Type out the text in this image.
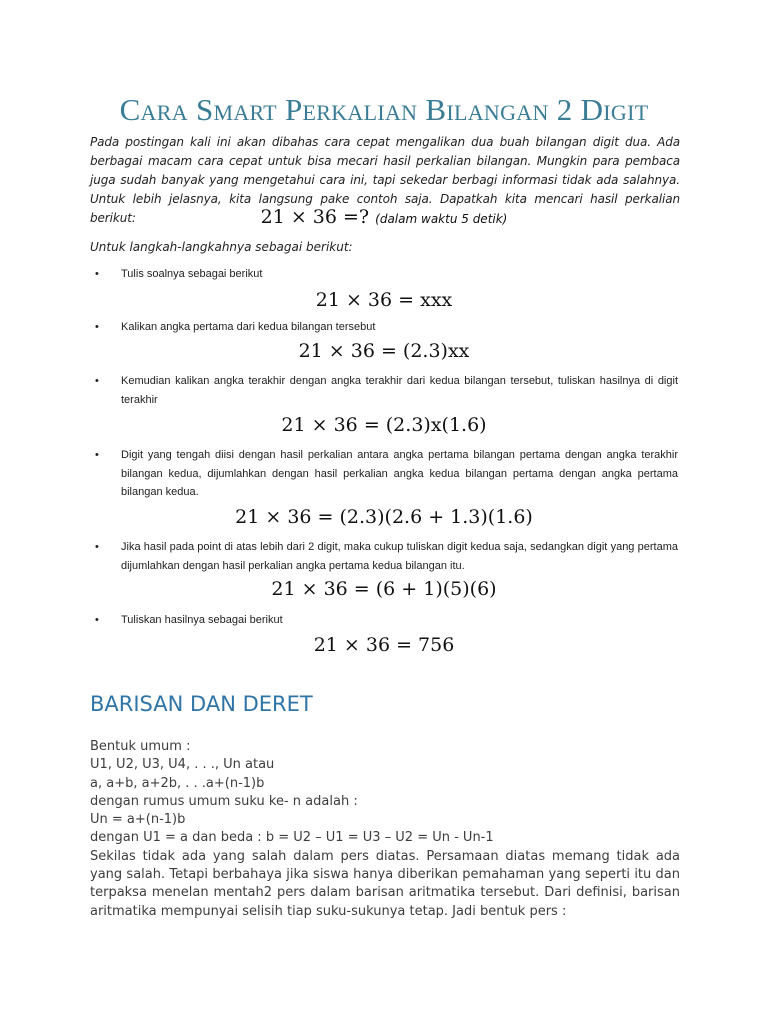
Cara Smart Perkalian Bilangan 2 Digit

Pada postingan kali ini akan dibahas cara cepat mengalikan dua buah bilangan digit dua. Ada berbagai macam cara cepat untuk bisa mecari hasil perkalian bilangan. Mungkin para pembaca juga sudah banyak yang mengetahui cara ini, tapi sekedar berbagi informasi tidak ada salahnya. Untuk lebih jelasnya, kita langsung pake contoh saja. Dapatkah kita mencari hasil perkalian berikut:	21 × 36 =? (dalam waktu 5 detik)

Untuk langkah-langkahnya sebagai berikut:

•	Tulis soalnya sebagai berikut

21 × 36 = xxx

•	Kalikan angka pertama dari kedua bilangan tersebut

21 × 36 = (2.3)xx

•	Kemudian kalikan angka terakhir dengan angka terakhir dari kedua bilangan tersebut, tuliskan hasilnya di digit terakhir

21 × 36 = (2.3)x(1.6)

•	Digit yang tengah diisi dengan hasil perkalian antara angka pertama bilangan pertama dengan angka terakhir bilangan kedua, dijumlahkan dengan hasil perkalian angka kedua bilangan pertama dengan angka pertama bilangan kedua.

21 × 36 = (2.3)(2.6 + 1.3)(1.6)

•	Jika hasil pada point di atas lebih dari 2 digit, maka cukup tuliskan digit kedua saja, sedangkan digit yang pertama dijumlahkan dengan hasil perkalian angka pertama kedua bilangan itu.

21 × 36 = (6 + 1)(5)(6)

•	Tuliskan hasilnya sebagai berikut

21 × 36 = 756

BARISAN DAN DERET
Bentuk umum :
U1, U2, U3, U4, . . ., Un atau
a, a+b, a+2b, . . .a+(n-1)b
dengan rumus umum suku ke- n adalah :
Un = a+(n-1)b
dengan U1 = a dan beda : b = U2 – U1 = U3 – U2 = Un - Un-1
Sekilas tidak ada yang salah dalam pers diatas. Persamaan diatas memang tidak ada yang salah. Tetapi berbahaya jika siswa hanya diberikan pemahaman yang seperti itu dan terpaksa menelan mentah2 pers dalam barisan aritmatika tersebut. Dari definisi, barisan aritmatika mempunyai selisih tiap suku-sukunya tetap. Jadi bentuk pers :
